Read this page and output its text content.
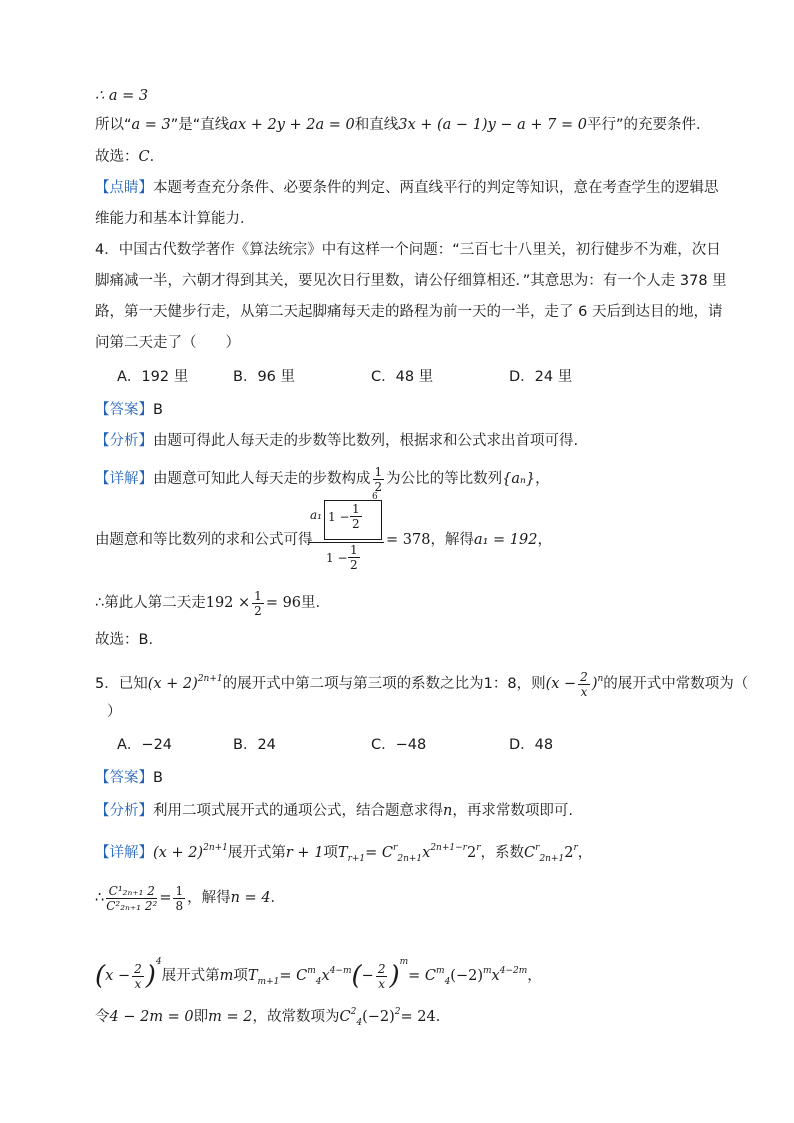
∴ a = 3
所以“a = 3”是“直线ax + 2y + 2a = 0和直线3x + (a − 1)y − a + 7 = 0平行”的充要条件．
故选：C．
【点睛】本题考查充分条件、必要条件的判定、两直线平行的判定等知识，意在考查学生的逻辑思
维能力和基本计算能力．
4．中国古代数学著作《算法统宗》中有这样一个问题：“三百七十八里关，初行健步不为难，次日
脚痛减一半，六朝才得到其关，要见次日行里数，请公仔细算相还．”其意思为：有一个人走 378 里
路，第一天健步行走，从第二天起脚痛每天走的路程为前一天的一半，走了 6 天后到达目的地，请
问第二天走了（　　）
A．192 里	B．96 里	C．48 里	D．24 里
【答案】B
【分析】由题可得此人每天走的步数等比数列，根据求和公式求出首项可得.
【详解】由题意可知此人每天走的步数构成 $\frac{1}{2}$ 为公比的等比数列{aₙ}，
由题意和等比数列的求和公式可得
a₁ $1 - \frac{1}{2}$
6
$1 - \frac{1}{2} = 378$，解得a₁ = 192，
∴第此人第二天走$192 \times \frac{1}{2} = 96$里.
故选：B．
5．已知$(x + 2)^{2n+1}$的展开式中第二项与第三项的系数之比为1：8，则$(x - \frac{2}{x} )^n$的展开式中常数项为（
）
A．−24	B．24	C．−48	D．48
【答案】B
【分析】利用二项式展开式的通项公式，结合题意求得n，再求常数项即可.
【详解】$(x + 2)^{2n+1}$展开式第r + 1项$T_{r+1}= C^r_{2n+1}x^{2n+1-r}2^r$，系数$C^r_{2n+1}2^r$，
∴ $\frac{\text{C¹₂ₙ₊₁ 2}}{\text{C²₂ₙ₊₁ 2²}} = \frac{1}{8}$ ，解得n = 4．
$(x - \frac{2}{x} )^4$展开式第m项$T_{m+1}= C^m_4x^{4-m}(- \frac{2}{x} )^m= C^m_4(-2)^mx^{4-2m}$，
令4 − 2m = 0即m = 2，故常数项为$C^2_4(-2)^2= 24$．
